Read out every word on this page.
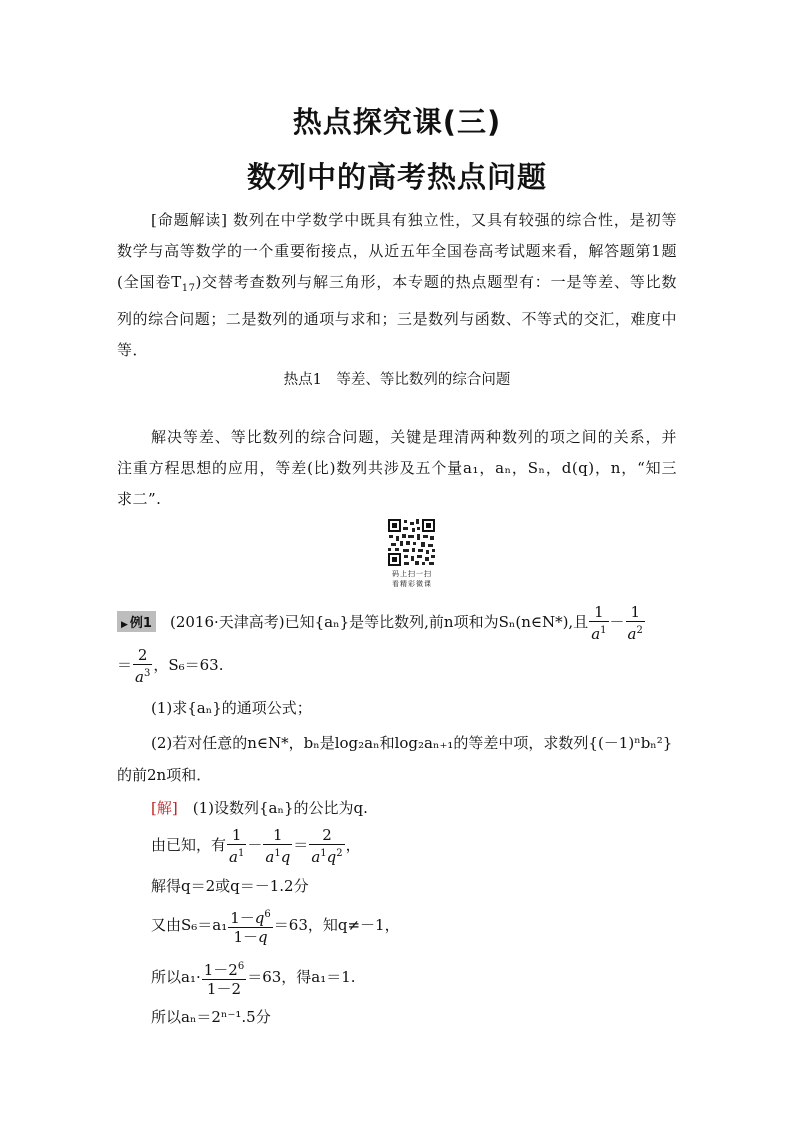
热点探究课(三)
数列中的高考热点问题
[命题解读] 数列在中学数学中既具有独立性，又具有较强的综合性，是初等数学与高等数学的一个重要衔接点，从近五年全国卷高考试题来看，解答题第1题(全国卷$T_{17}$)交替考查数列与解三角形，本专题的热点题型有：一是等差、等比数列的综合问题；二是数列的通项与求和；三是数列与函数、不等式的交汇，难度中等．
热点1　等差、等比数列的综合问题
解决等差、等比数列的综合问题，关键是理清两种数列的项之间的关系，并注重方程思想的应用，等差(比)数列共涉及五个量a₁，aₙ，Sₙ，d(q)，n，“知三求二”.
码上扫一扫
看精彩微课
▶ 例1 (2016·天津高考)已知{aₙ}是等比数列,前n项和为Sₙ(n∈N*),且 $\frac{1}{a^1} - \frac{1}{a^2}$
＝ $\frac{2}{a^3}$ ，S₆＝63.
(1)求{aₙ}的通项公式；
(2)若对任意的n∈N*，bₙ是log₂aₙ和log₂aₙ₊₁的等差中项，求数列{(－1)ⁿbₙ²}
的前2n项和．
[解]　 (1)设数列{aₙ}的公比为q.
由已知，有 $\frac{1}{a^1} - \frac{1}{a^1q} = \frac{2}{a^1q^2}$ ，
解得q＝2或q＝－1.2分
又由$S_6=a_1 \frac{1-q^6}{1-q} =63$，知q≠－1，
所以$a_1\cdot \frac{1-2^6}{1-2} =63$，得a₁＝1.
所以aₙ＝2ⁿ⁻¹.5分
